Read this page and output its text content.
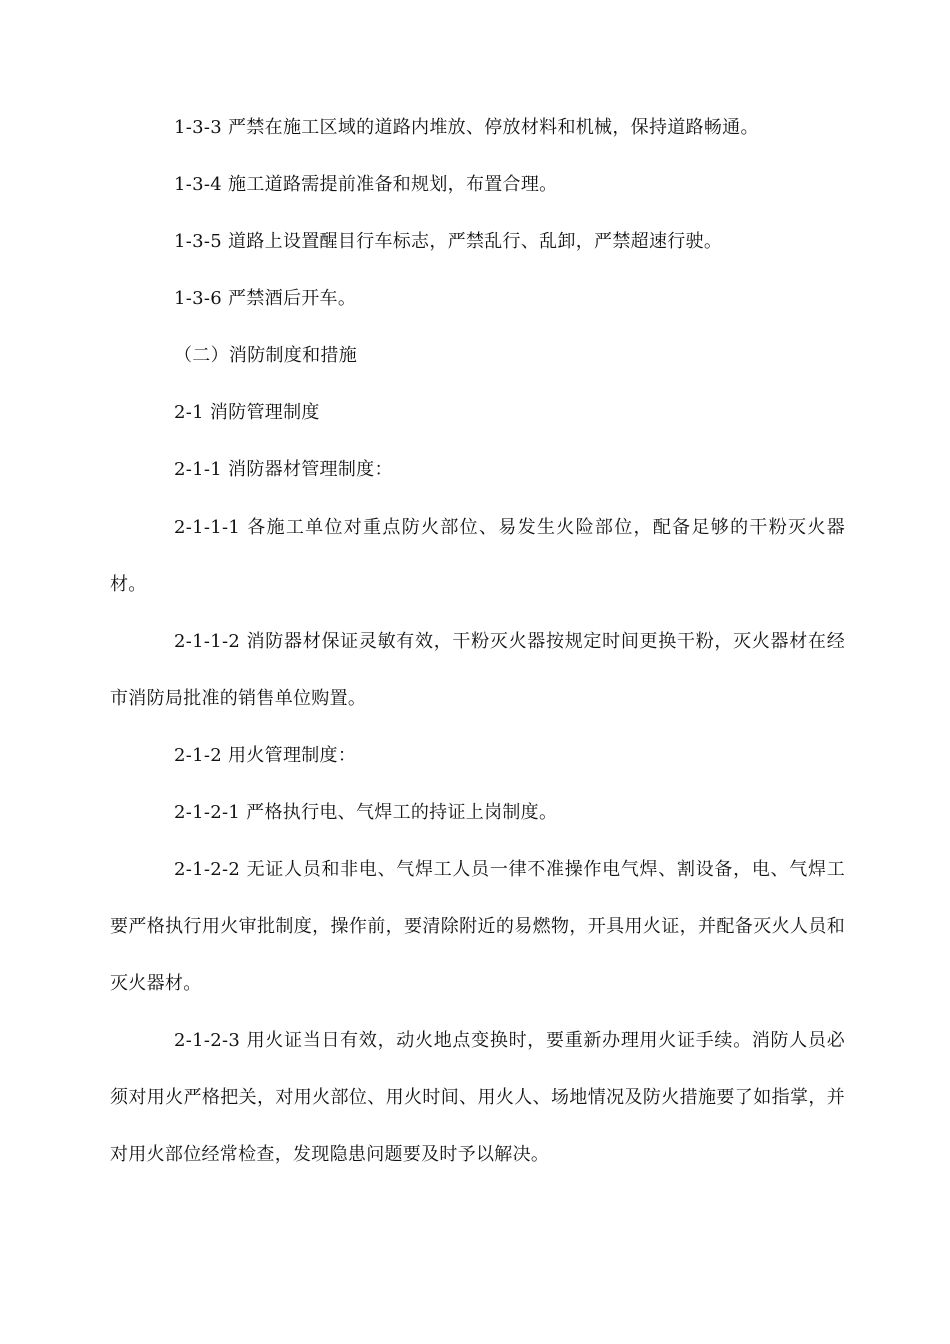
1-3-3 严禁在施工区域的道路内堆放、停放材料和机械，保持道路畅通。

1-3-4 施工道路需提前准备和规划，布置合理。

1-3-5 道路上设置醒目行车标志，严禁乱行、乱卸，严禁超速行驶。

1-3-6 严禁酒后开车。

（二）消防制度和措施

2-1 消防管理制度

2-1-1 消防器材管理制度：

2-1-1-1 各施工单位对重点防火部位、易发生火险部位，配备足够的干粉灭火器材。

2-1-1-2 消防器材保证灵敏有效，干粉灭火器按规定时间更换干粉，灭火器材在经市消防局批准的销售单位购置。

2-1-2 用火管理制度：

2-1-2-1 严格执行电、气焊工的持证上岗制度。

2-1-2-2 无证人员和非电、气焊工人员一律不准操作电气焊、割设备，电、气焊工要严格执行用火审批制度，操作前，要清除附近的易燃物，开具用火证，并配备灭火人员和灭火器材。

2-1-2-3 用火证当日有效，动火地点变换时，要重新办理用火证手续。消防人员必须对用火严格把关，对用火部位、用火时间、用火人、场地情况及防火措施要了如指掌，并对用火部位经常检查，发现隐患问题要及时予以解决。
